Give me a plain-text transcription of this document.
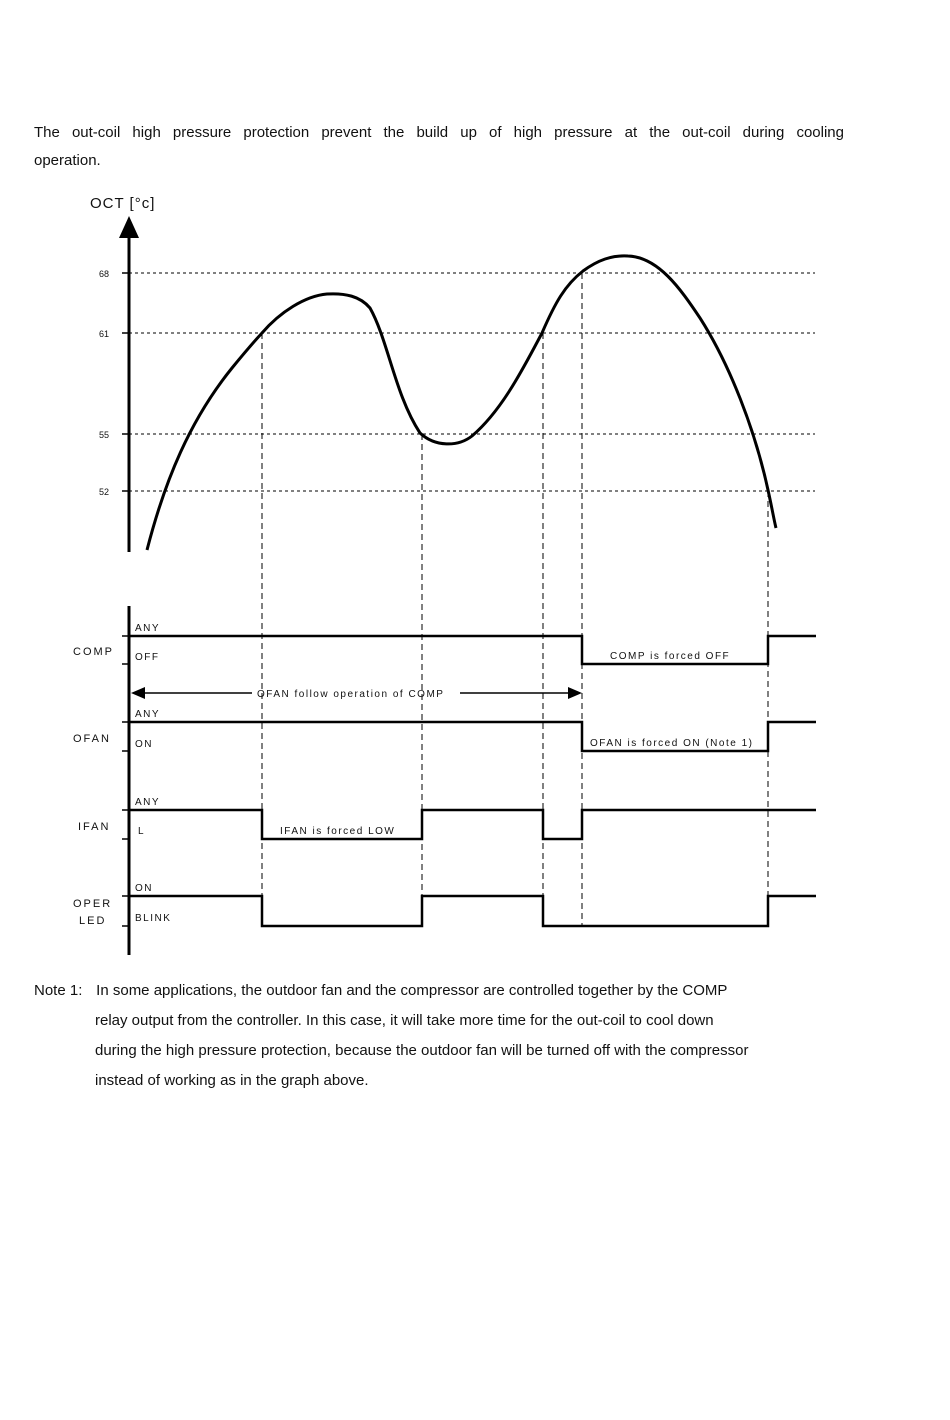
The out-coil high pressure protection prevent the build up of high pressure at the out-coil during cooling
operation.
OCT [°c]
68
61
55
52
COMP
ANY
OFF	COMP is forced OFF
OFAN follow operation of COMP
OFAN
ANY
ON	OFAN is forced ON (Note 1)
IFAN
ANY
L	IFAN is forced LOW
OPER
LED
ON
BLINK
Note 1: In some applications, the outdoor fan and the compressor are controlled together by the COMP
relay output from the controller. In this case, it will take more time for the out-coil to cool down
during the high pressure protection, because the outdoor fan will be turned off with the compressor
instead of working as in the graph above.
